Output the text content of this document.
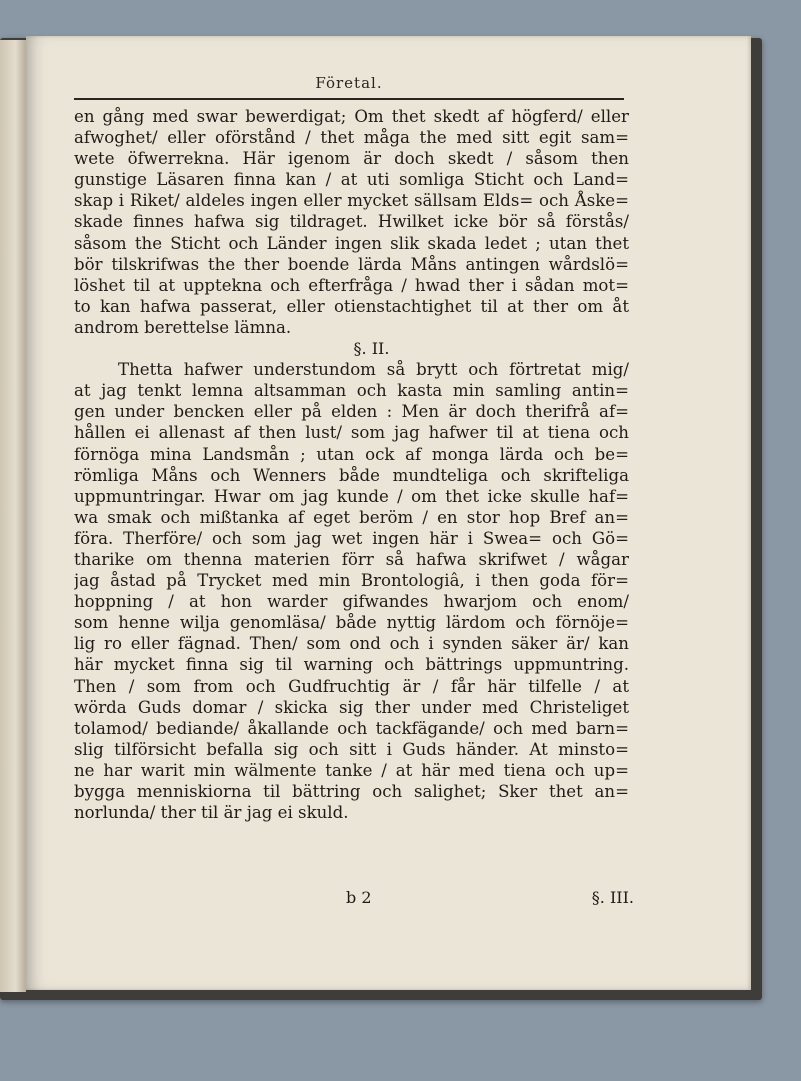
Företal.
en gång med swar bewerdigat; Om thet skedt af högferd/ eller
afwoghet/ eller oförstånd / thet måga the med sitt egit sam=
wete öfwerrekna. Här igenom är doch skedt / såsom then
gunstige Läsaren finna kan / at uti somliga Sticht och Land=
skap i Riket/ aldeles ingen eller mycket sällsam Elds= och Åske=
skade finnes hafwa sig tildraget. Hwilket icke bör så förstås/
såsom the Sticht och Länder ingen slik skada ledet ; utan thet
bör tilskrifwas the ther boende lärda Måns antingen wårdslö=
löshet til at upptekna och efterfråga / hwad ther i sådan mot=
to kan hafwa passerat, eller otienstachtighet til at ther om åt
androm berettelse lämna.
§. II.
Thetta hafwer understundom så brytt och förtretat mig/
at jag tenkt lemna altsamman och kasta min samling antin=
gen under bencken eller på elden : Men är doch therifrå af=
hållen ei allenast af then lust/ som jag hafwer til at tiena och
förnöga mina Landsmån ; utan ock af monga lärda och be=
römliga Måns och Wenners både mundteliga och skrifteliga
uppmuntringar. Hwar om jag kunde / om thet icke skulle haf=
wa smak och mißtanka af eget beröm / en stor hop Bref an=
föra. Therföre/ och som jag wet ingen här i Swea= och Gö=
tharike om thenna materien förr så hafwa skrifwet / wågar
jag åstad på Trycket med min Brontologiâ, i then goda för=
hoppning / at hon warder gifwandes hwarjom och enom/
som henne wilja genomläsa/ både nyttig lärdom och förnöje=
lig ro eller fägnad. Then/ som ond och i synden säker är/ kan
här mycket finna sig til warning och bättrings uppmuntring.
Then / som from och Gudfruchtig är / får här tilfelle / at
wörda Guds domar / skicka sig ther under med Christeliget
tolamod/ bediande/ åkallande och tackfägande/ och med barn=
slig tilförsicht befalla sig och sitt i Guds händer. At minsto=
ne har warit min wälmente tanke / at här med tiena och up=
bygga menniskiorna til bättring och salighet; Sker thet an=
norlunda/ ther til är jag ei skuld.
b 2	§. III.
